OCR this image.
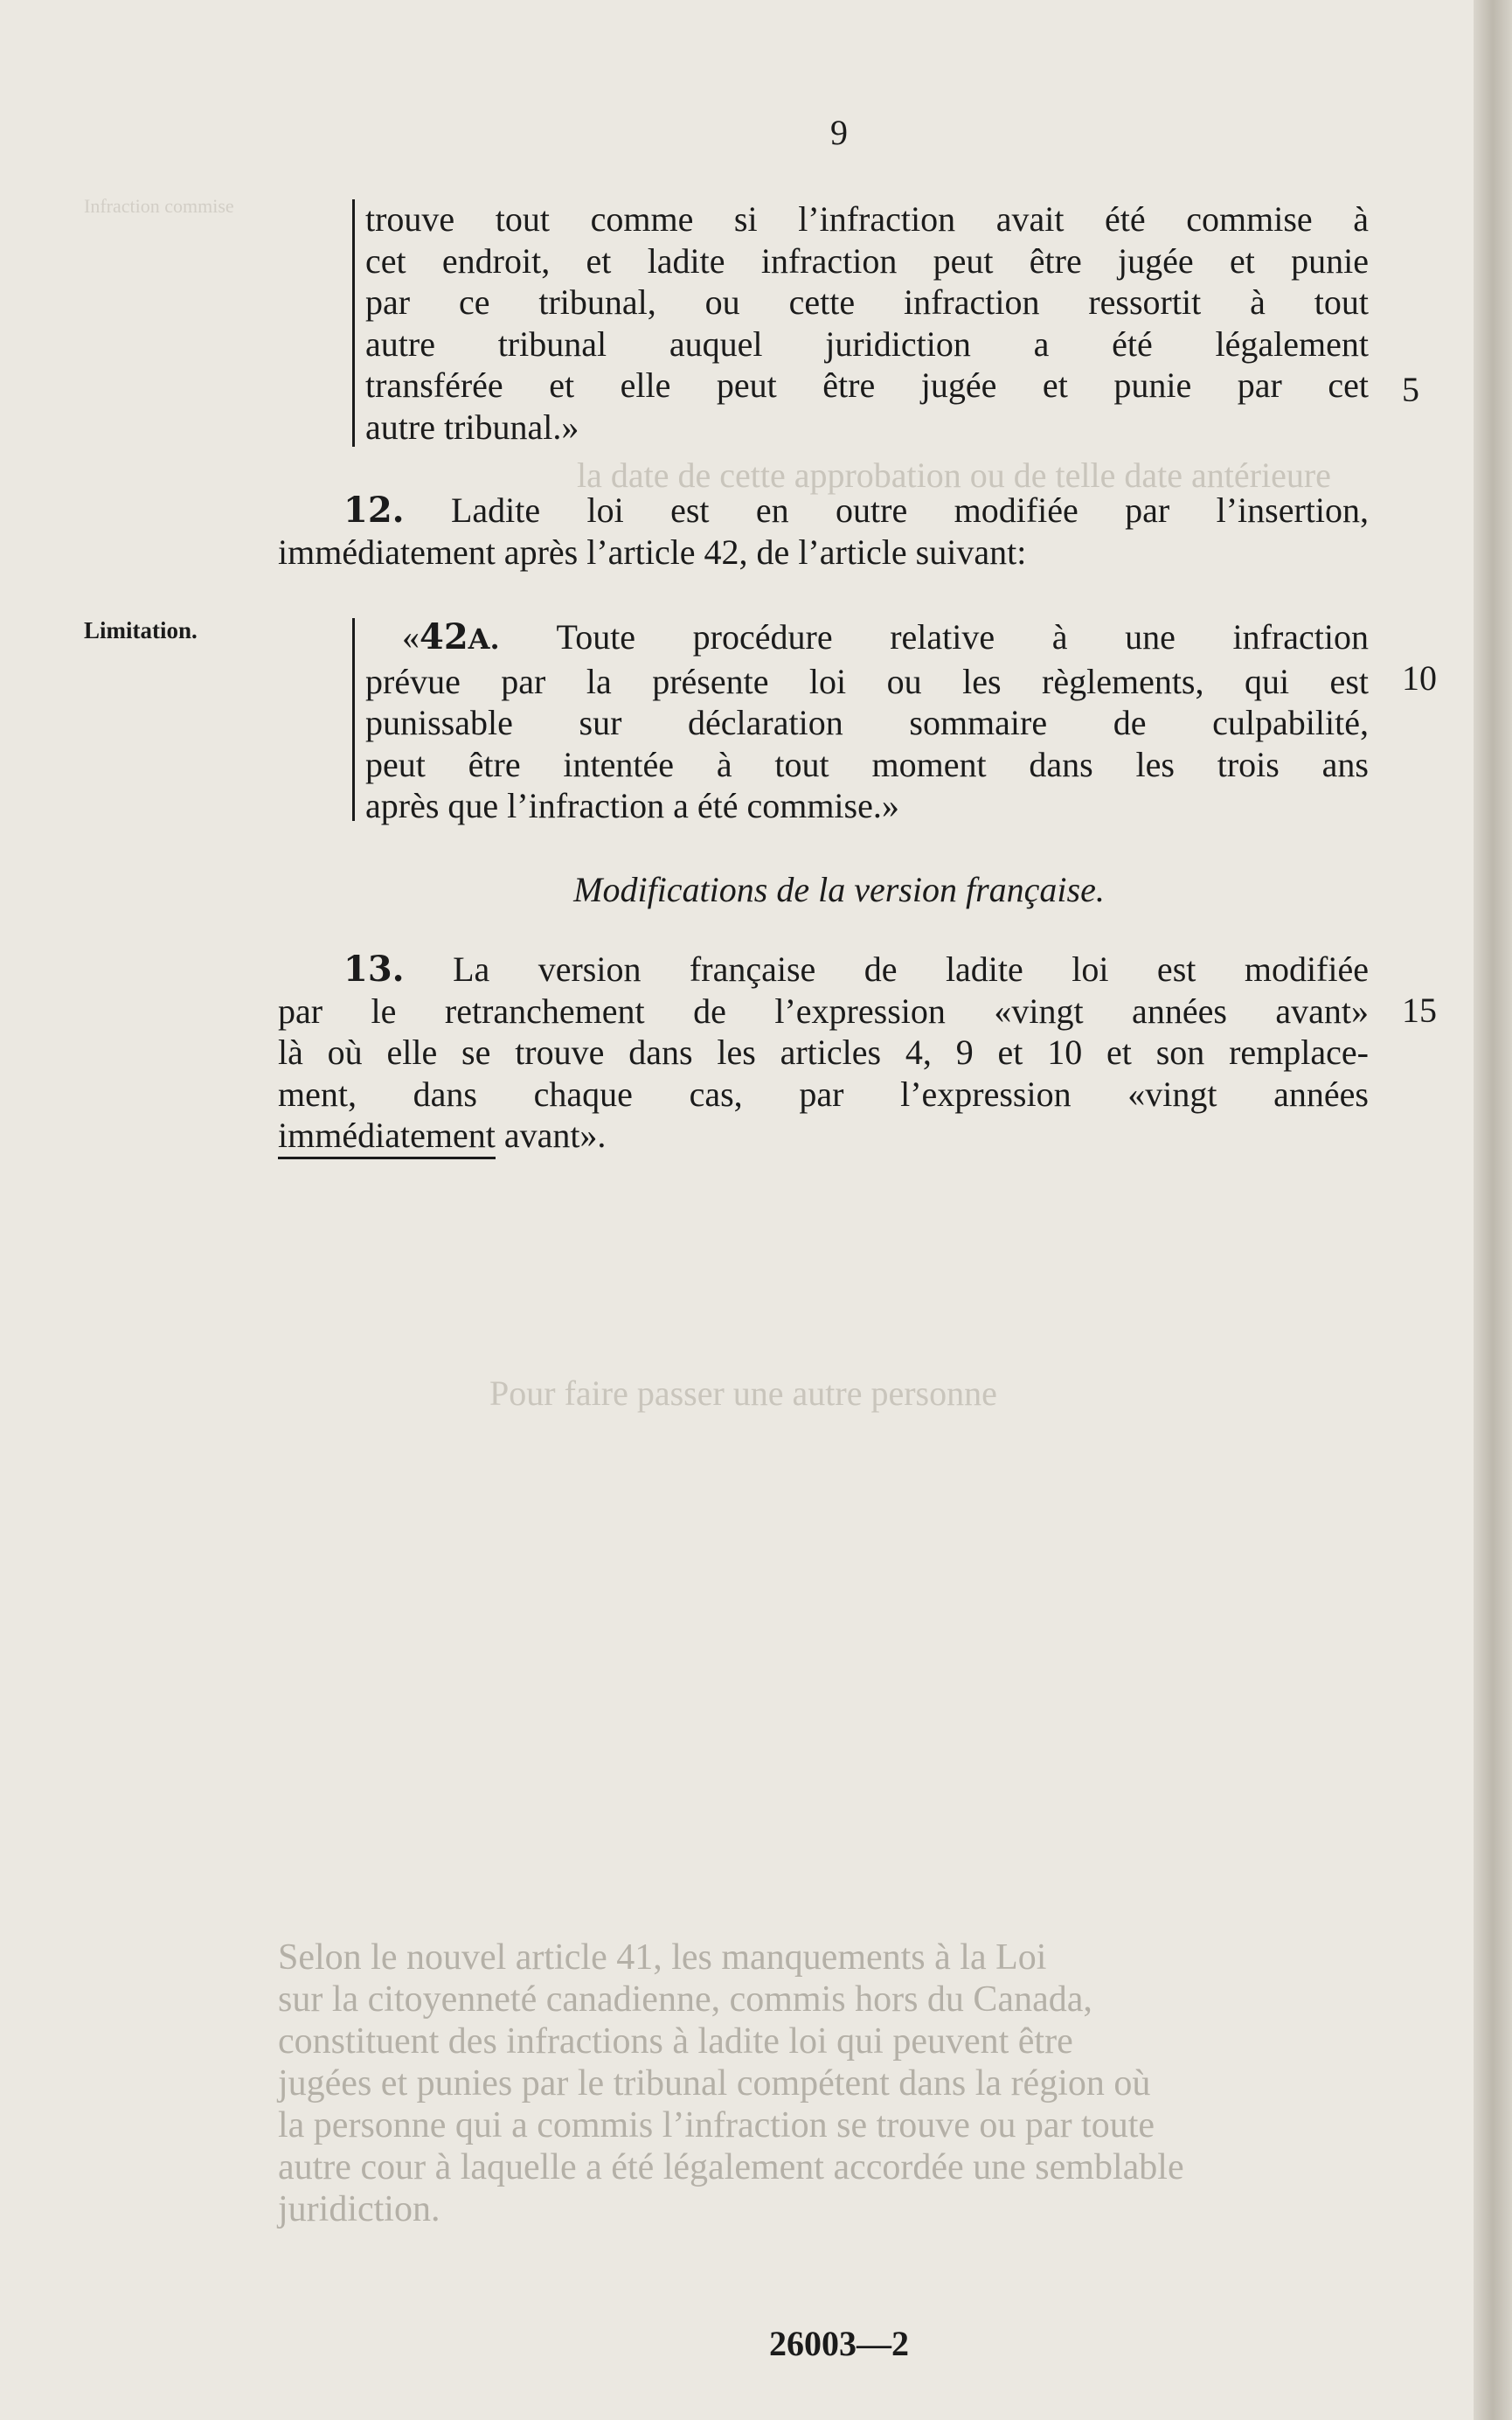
Infraction commise
la date de cette approbation ou de telle date antérieure
Pour faire passer une autre personne
Selon le nouvel article 41, les manquements à la Loi
sur la citoyenneté canadienne, commis hors du Canada,
constituent des infractions à ladite loi qui peuvent être
jugées et punies par le tribunal compétent dans la région où
la personne qui a commis l’infraction se trouve ou par toute
autre cour à laquelle a été légalement accordée une semblable
juridiction.
9
trouve tout comme si l’infraction avait été commise à
cet endroit, et ladite infraction peut être jugée et punie
par ce tribunal, ou cette infraction ressortit à tout
autre tribunal auquel juridiction a été légalement
transférée et elle peut être jugée et punie par cet
autre tribunal.»
5
12. Ladite loi est en outre modifiée par l’insertion,
immédiatement après l’article 42, de l’article suivant:
Limitation.	«42A. Toute procédure relative à une infraction
prévue par la présente loi ou les règlements, qui est
punissable sur déclaration sommaire de culpabilité,
peut être intentée à tout moment dans les trois ans
après que l’infraction a été commise.»
10
Modifications de la version française.
13. La version française de ladite loi est modifiée
par le retranchement de l’expression «vingt années avant»
là où elle se trouve dans les articles 4, 9 et 10 et son remplace-
ment, dans chaque cas, par l’expression «vingt années
immédiatement avant».
15
26003—2
